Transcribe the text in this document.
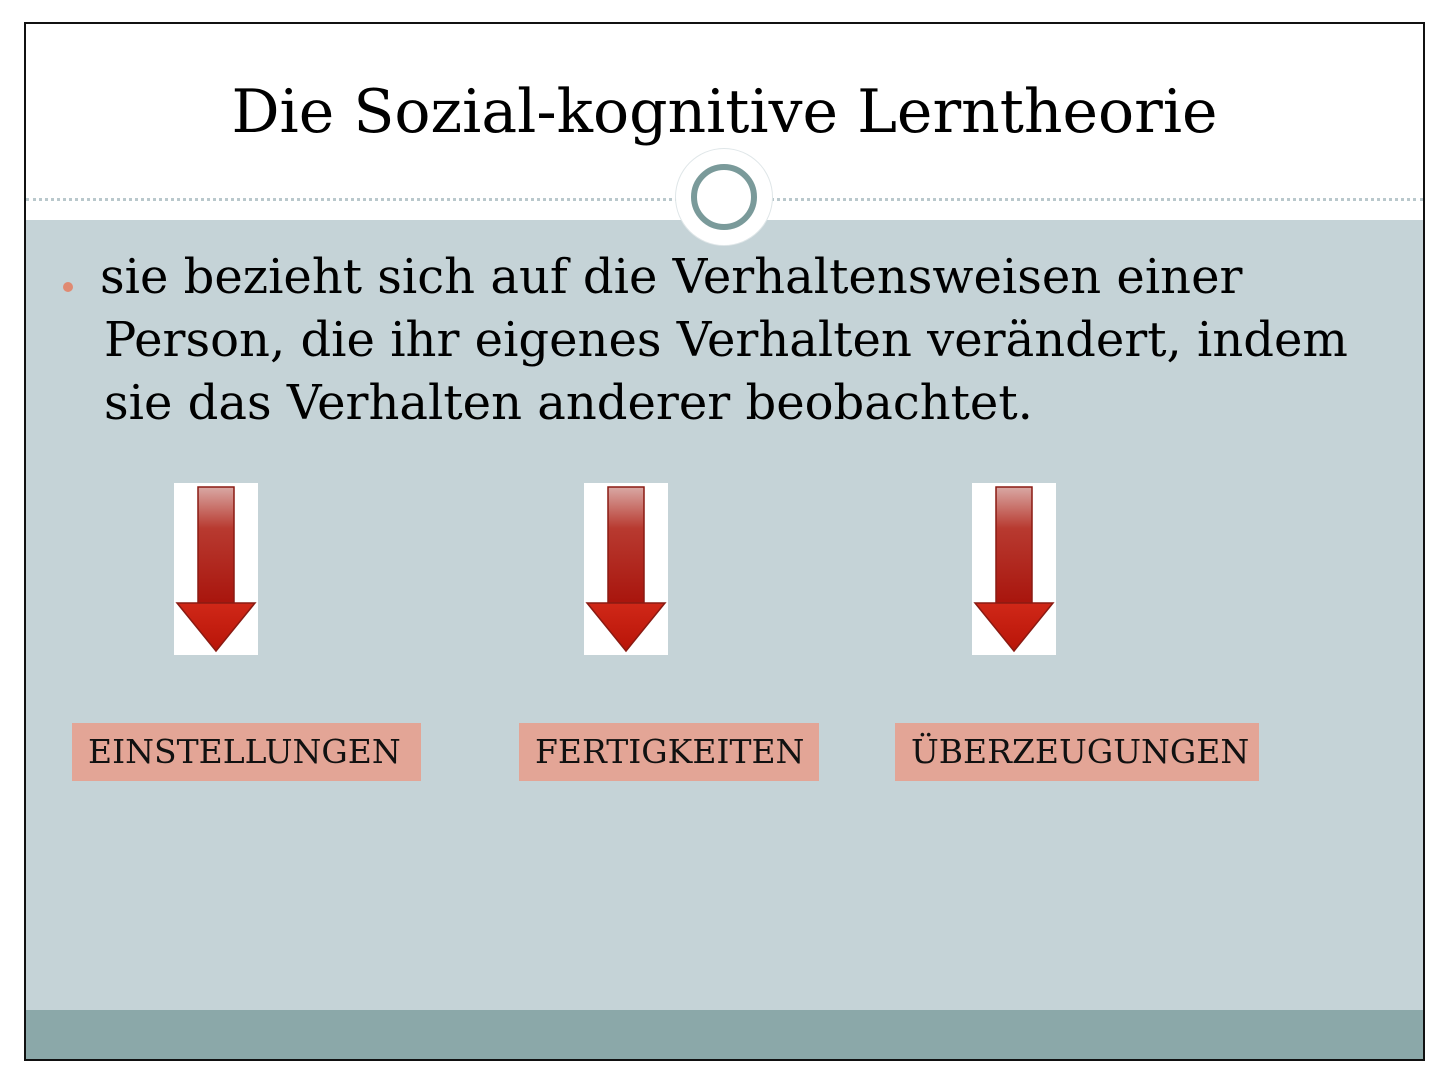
Die Sozial-kognitive Lerntheorie
sie bezieht sich auf die Verhaltensweisen einer
Person, die ihr eigenes Verhalten verändert, indem
sie das Verhalten anderer beobachtet.
EINSTELLUNGEN	FERTIGKEITEN	ÜBERZEUGUNGEN
